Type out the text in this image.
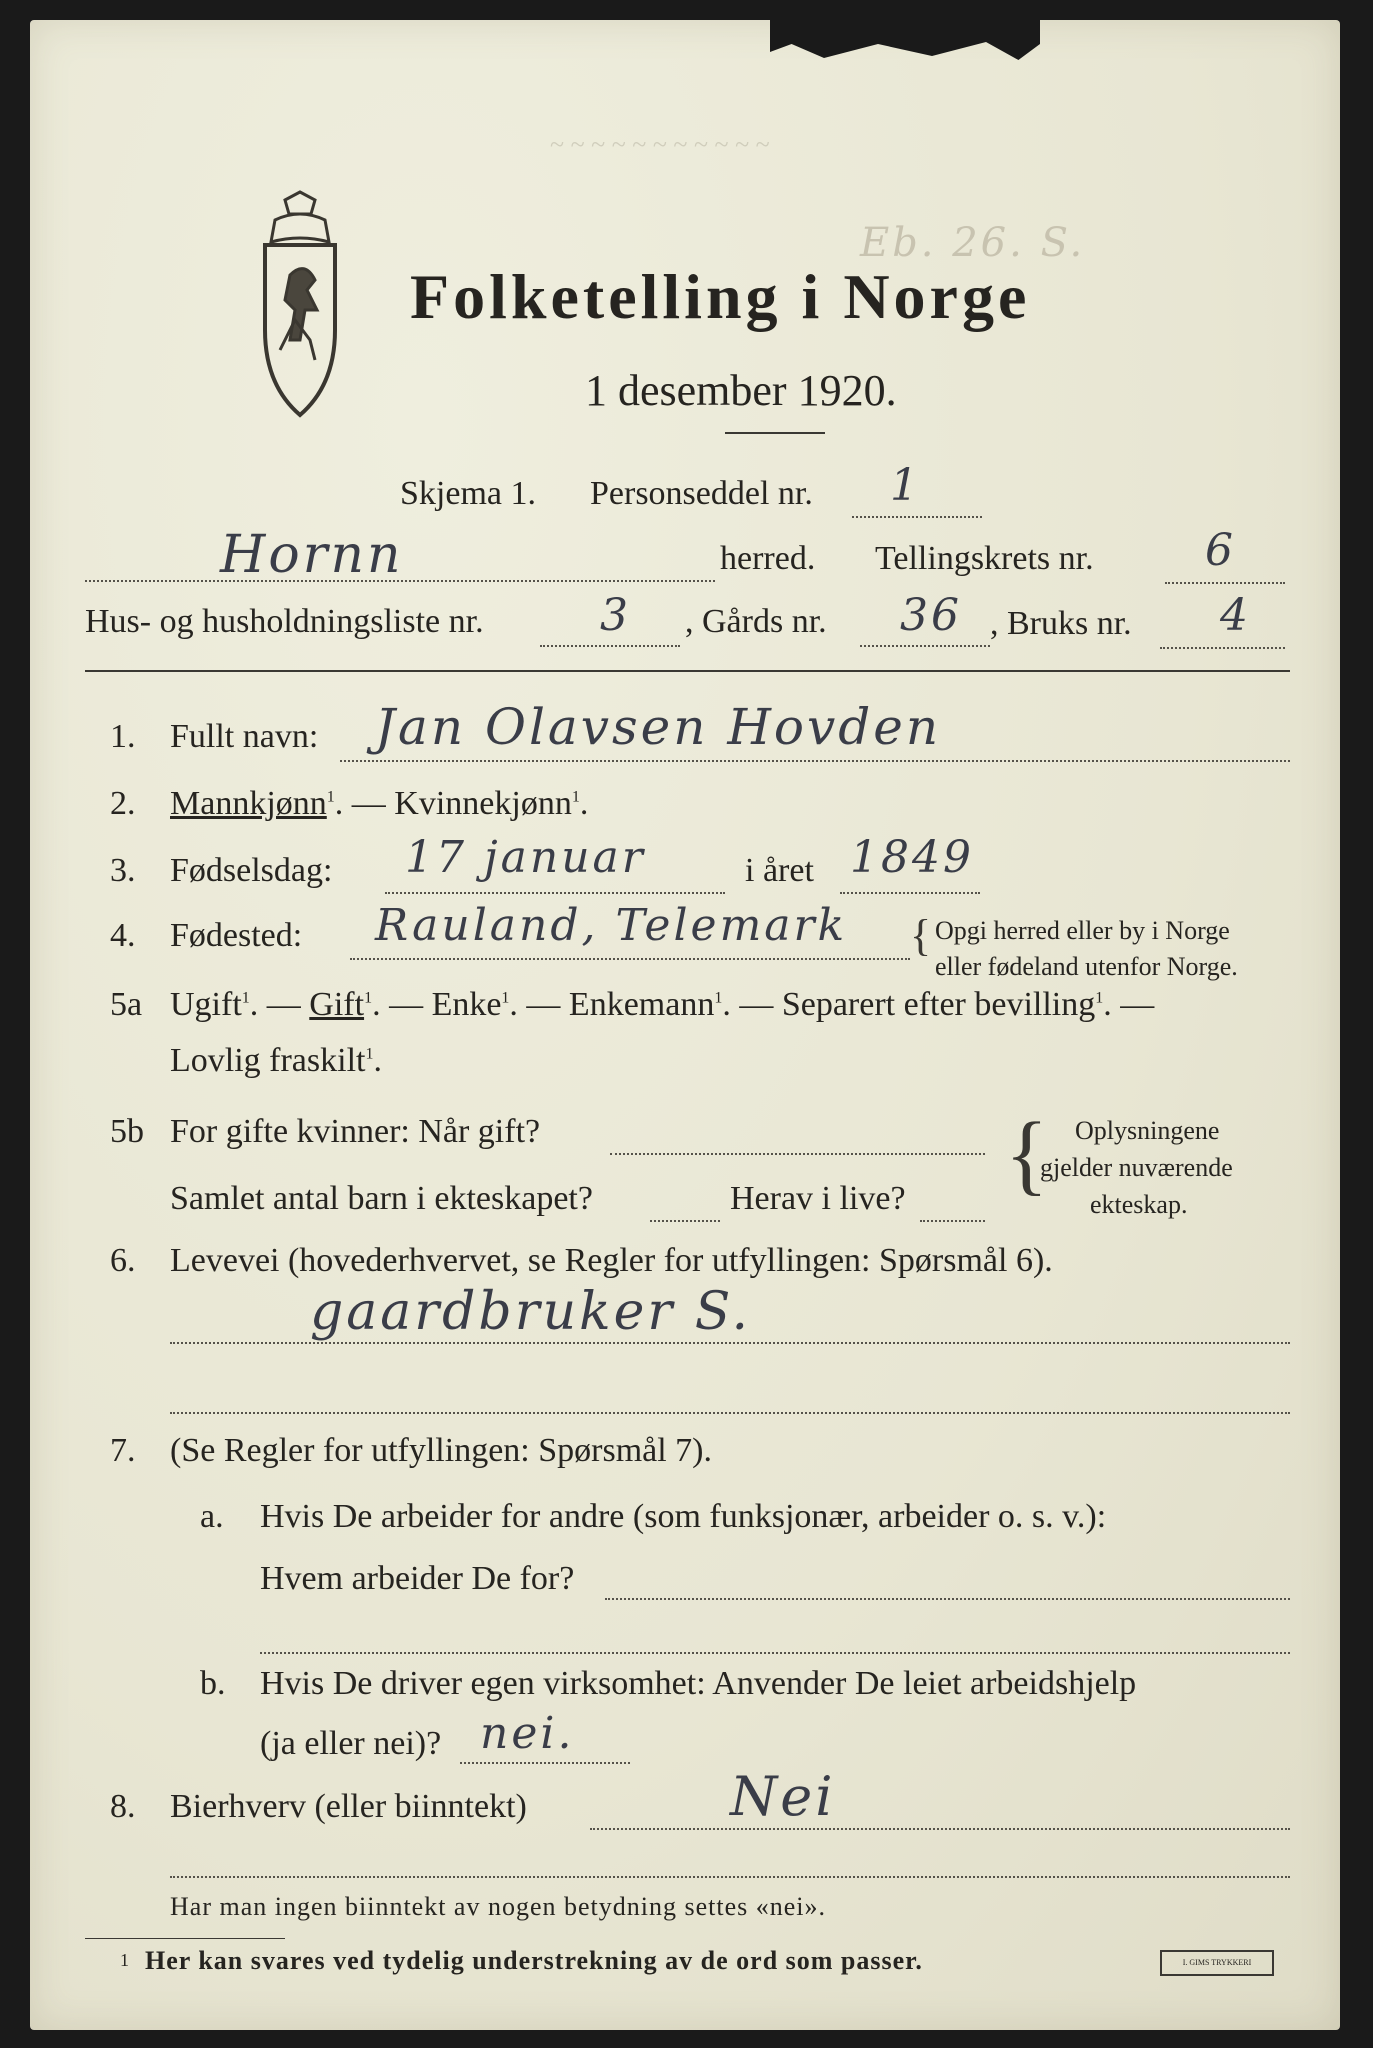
~ ~ ~ ~ ~ ~ ~ ~ ~ ~ ~
Eb. 26. S.
Folketelling i Norge
1 desember 1920.
Skjema 1. Personseddel nr. 1
Hornn	herred. Tellingskrets nr.	6
Hus- og husholdningsliste nr.	3 , Gårds nr. 36 , Bruks nr. 4
1. Fullt navn: Jan Olavsen Hovden
2. Mannkjønn$^1$. — Kvinnekjønn$^1$.
3. Fødselsdag: 17 januar	i året 1849
4. Fødested: Rauland, Telemark { Opgi herred eller by i Norge
eller fødeland utenfor Norge.
5a Ugift$^1$. — Gift$^1$. — Enke$^1$. — Enkemann$^1$. — Separert efter bevilling$^1$. —
Lovlig fraskilt$^1$.
5b For gifte kvinner: Når gift?
Samlet antal barn i ekteskapet?	Herav i live? { Oplysningene
gjelder nuværende
ekteskap.
6. Levevei (hovederhvervet, se Regler for utfyllingen: Spørsmål 6).
gaardbruker S.
7. (Se Regler for utfyllingen: Spørsmål 7).
a. Hvis De arbeider for andre (som funksjonær, arbeider o. s. v.):
Hvem arbeider De for?
b. Hvis De driver egen virksomhet: Anvender De leiet arbeidshjelp
(ja eller nei)? nei.
8. Bierhverv (eller biinntekt)	Nei
Har man ingen biinntekt av nogen betydning settes «nei».
1 Her kan svares ved tydelig understrekning av de ord som passer.	I. GIMS TRYKKERI
